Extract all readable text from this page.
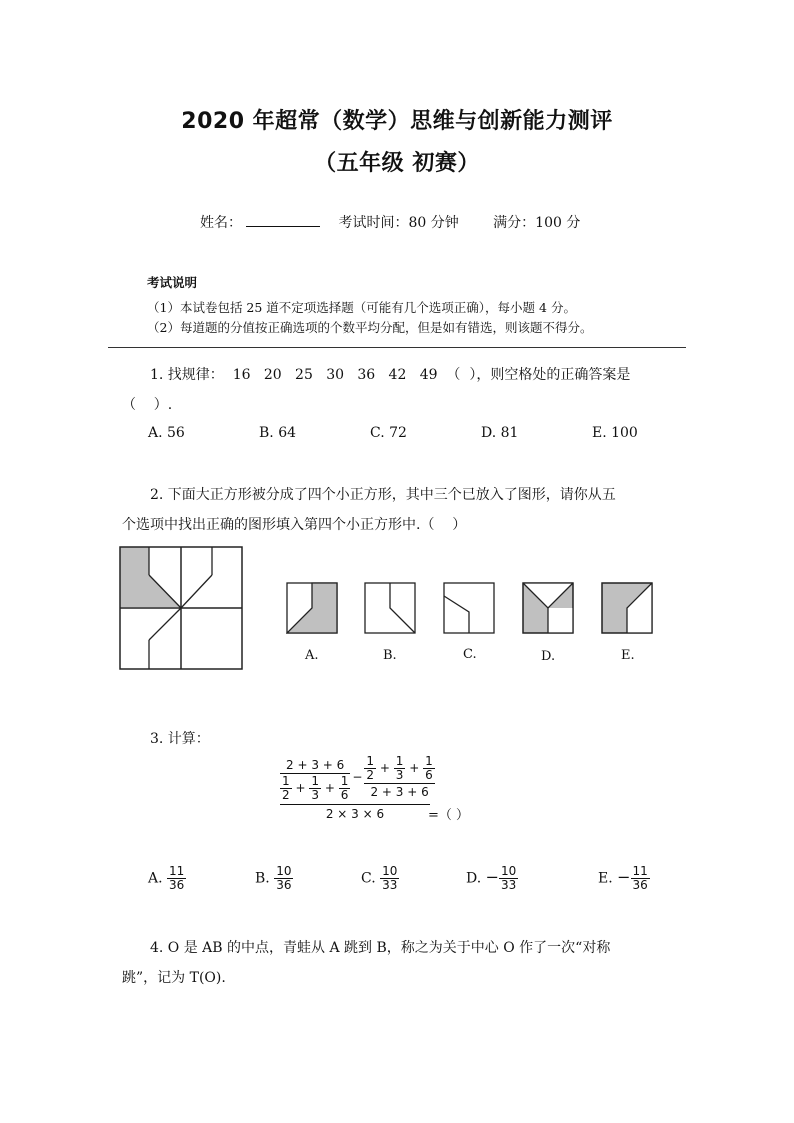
2020 年超常（数学）思维与创新能力测评
（五年级 初赛）
姓名：	考试时间：80 分钟 满分：100 分
考试说明
（1）本试卷包括 25 道不定项选择题（可能有几个选项正确），每小题 4 分。
（2）每道题的分值按正确选项的个数平均分配，但是如有错选，则该题不得分。
1. 找规律：  16   20   25   30   36   42   49  （  ），则空格处的正确答案是
（    ）.
A. 56	B. 64	C. 72	D. 81	E. 100
2. 下面大正方形被分成了四个小正方形，其中三个已放入了图形，请你从五
个选项中找出正确的图形填入第四个小正方形中.（    ）
A.	B.	C.	D.	E.
3. 计算：
$\frac{2 + 3 + 6}{\frac{1}{2} + \frac{1}{3} + \frac{1}{6}} - \frac{\frac{1}{2} + \frac{1}{3} + \frac{1}{6}}{2 + 3 + 6}$
2 × 3 × 6	=（ ）
A. $\frac{11}{36}$	B. $\frac{10}{36}$	C. $\frac{10}{33}$	D. − $\frac{10}{33}$	E. − $\frac{11}{36}$
4. O 是 AB 的中点，青蛙从 A 跳到 B，称之为关于中心 O 作了一次“对称
跳”，记为 T(O).
